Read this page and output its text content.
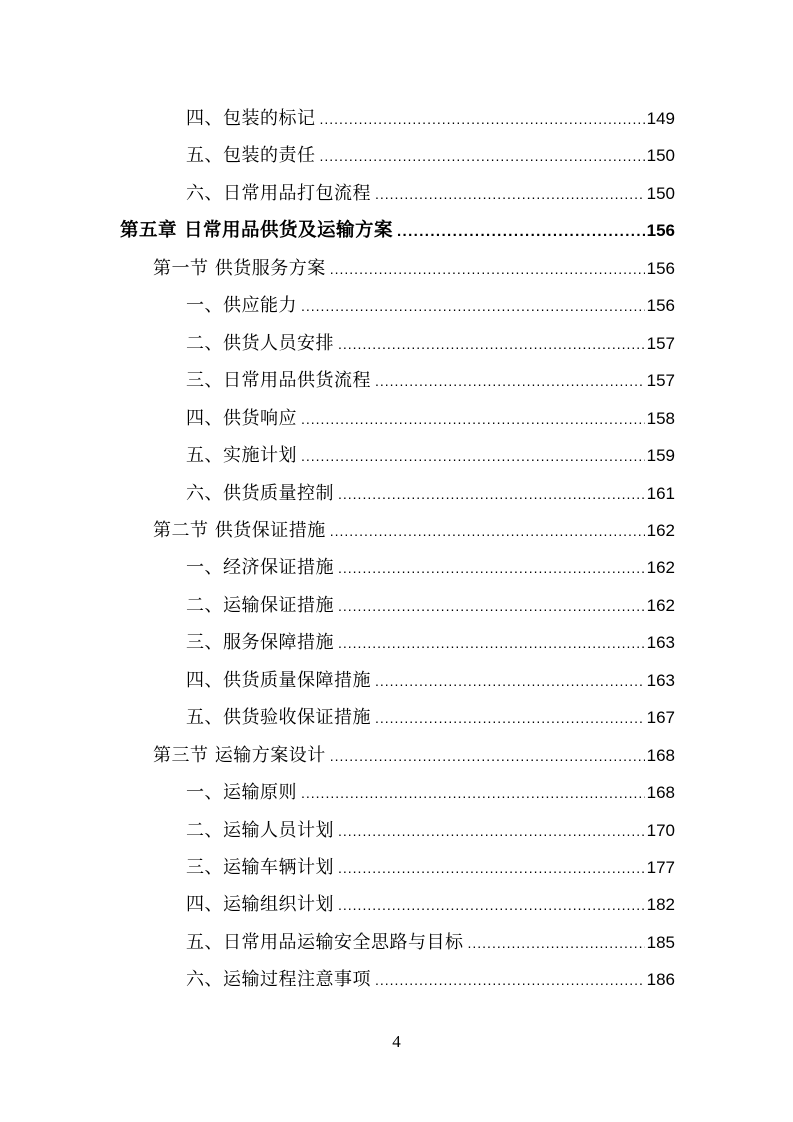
四、包装的标记 .....	149
五、包装的责任 .....	150
六、日常用品打包流程 .....	150
第五章 日常用品供货及运输方案 .....	156
第一节 供货服务方案 .....	156
一、供应能力 .....	156
二、供货人员安排 .....	157
三、日常用品供货流程 .....	157
四、供货响应 .....	158
五、实施计划 .....	159
六、供货质量控制 .....	161
第二节 供货保证措施 .....	162
一、经济保证措施 .....	162
二、运输保证措施 .....	162
三、服务保障措施 .....	163
四、供货质量保障措施 .....	163
五、供货验收保证措施 .....	167
第三节 运输方案设计 .....	168
一、运输原则 .....	168
二、运输人员计划 .....	170
三、运输车辆计划 .....	177
四、运输组织计划 .....	182
五、日常用品运输安全思路与目标 .....	185
六、运输过程注意事项 .....	186
4
